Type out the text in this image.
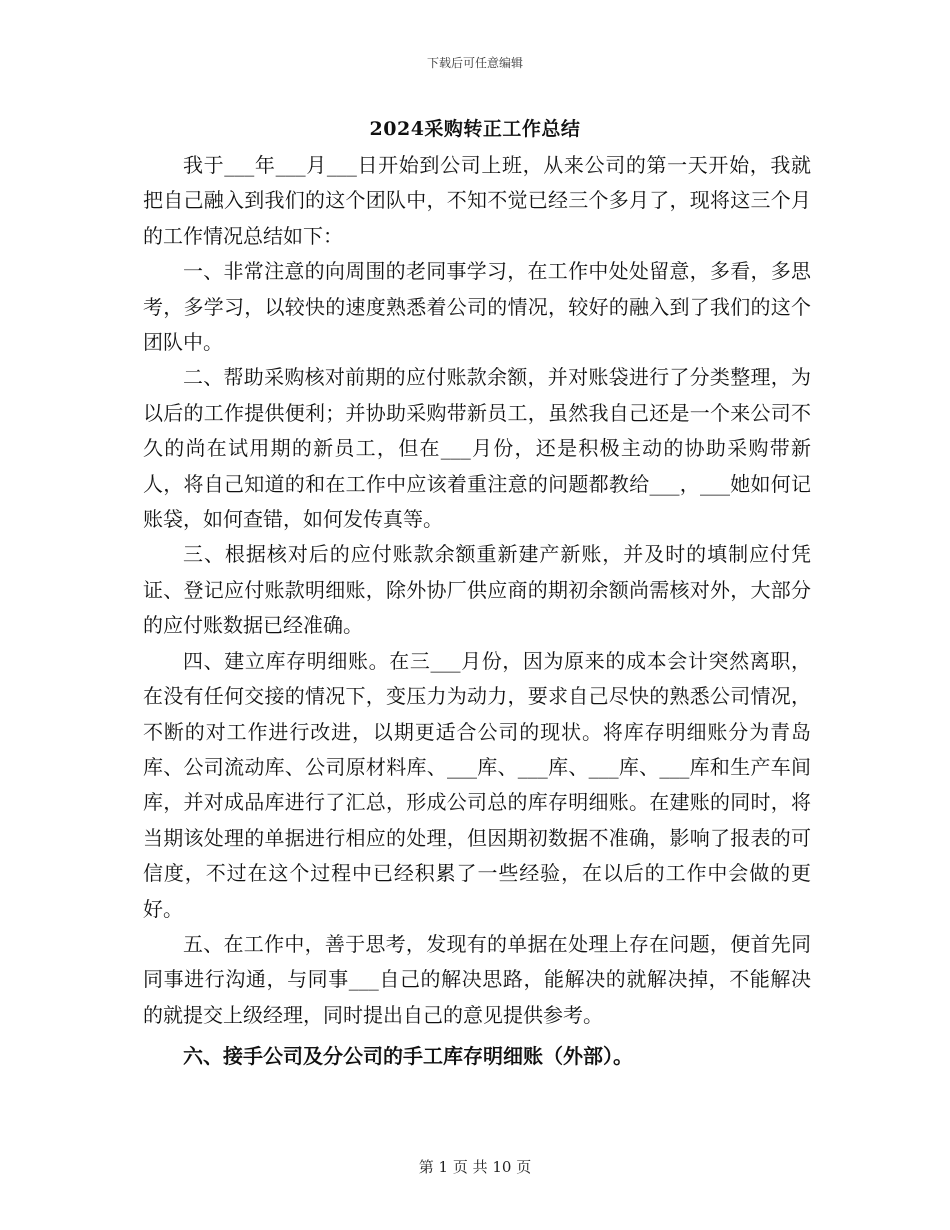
下载后可任意编辑
2024采购转正工作总结

我于___年___月___日开始到公司上班，从来公司的第一天开始，我就把自己融入到我们的这个团队中，不知不觉已经三个多月了，现将这三个月的工作情况总结如下：

一、非常注意的向周围的老同事学习，在工作中处处留意，多看，多思考，多学习，以较快的速度熟悉着公司的情况，较好的融入到了我们的这个团队中。

二、帮助采购核对前期的应付账款余额，并对账袋进行了分类整理，为以后的工作提供便利；并协助采购带新员工，虽然我自己还是一个来公司不久的尚在试用期的新员工，但在___月份，还是积极主动的协助采购带新人，将自己知道的和在工作中应该着重注意的问题都教给___，___她如何记账袋，如何查错，如何发传真等。

三、根据核对后的应付账款余额重新建产新账，并及时的填制应付凭证、登记应付账款明细账，除外协厂供应商的期初余额尚需核对外，大部分的应付账数据已经准确。

四、建立库存明细账。在三___月份，因为原来的成本会计突然离职，在没有任何交接的情况下，变压力为动力，要求自己尽快的熟悉公司情况，不断的对工作进行改进，以期更适合公司的现状。将库存明细账分为青岛库、公司流动库、公司原材料库、___库、___库、___库、___库和生产车间库，并对成品库进行了汇总，形成公司总的库存明细账。在建账的同时，将当期该处理的单据进行相应的处理，但因期初数据不准确，影响了报表的可信度，不过在这个过程中已经积累了一些经验，在以后的工作中会做的更好。

五、在工作中，善于思考，发现有的单据在处理上存在问题，便首先同同事进行沟通，与同事___自己的解决思路，能解决的就解决掉，不能解决的就提交上级经理，同时提出自己的意见提供参考。

六、接手公司及分公司的手工库存明细账（外部）。

第 1 页 共 10 页
